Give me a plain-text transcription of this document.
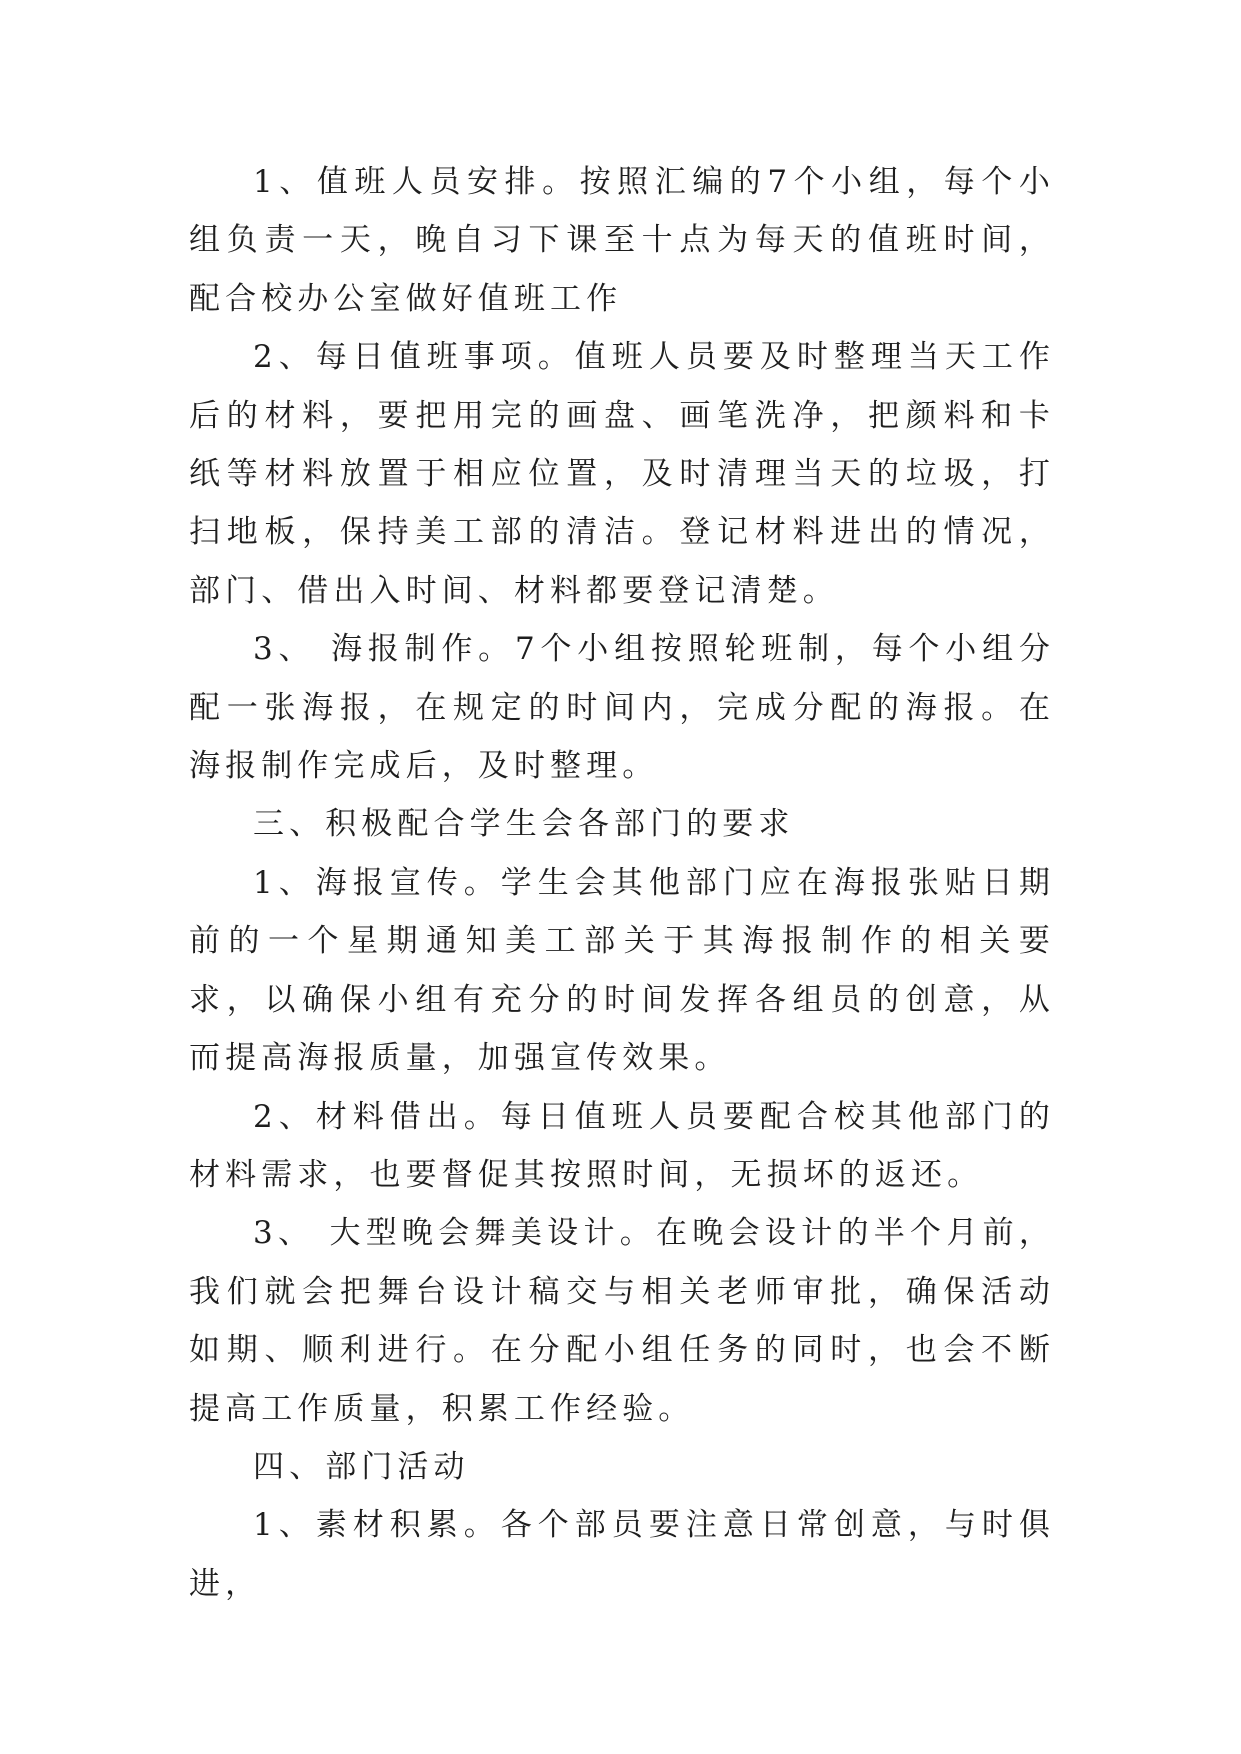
1、值班人员安排。按照汇编的7个小组，每个小组负责一天，晚自习下课至十点为每天的值班时间，配合校办公室做好值班工作

2、每日值班事项。值班人员要及时整理当天工作后的材料，要把用完的画盘、画笔洗净，把颜料和卡纸等材料放置于相应位置，及时清理当天的垃圾，打扫地板，保持美工部的清洁。登记材料进出的情况，部门、借出入时间、材料都要登记清楚。

3、 海报制作。7个小组按照轮班制，每个小组分配一张海报，在规定的时间内，完成分配的海报。在海报制作完成后，及时整理。

三、积极配合学生会各部门的要求

1、海报宣传。学生会其他部门应在海报张贴日期前的一个星期通知美工部关于其海报制作的相关要求，以确保小组有充分的时间发挥各组员的创意，从而提高海报质量，加强宣传效果。

2、材料借出。每日值班人员要配合校其他部门的材料需求，也要督促其按照时间，无损坏的返还。

3、 大型晚会舞美设计。在晚会设计的半个月前，我们就会把舞台设计稿交与相关老师审批，确保活动如期、顺利进行。在分配小组任务的同时，也会不断提高工作质量，积累工作经验。

四、部门活动

1、素材积累。各个部员要注意日常创意，与时俱进，
